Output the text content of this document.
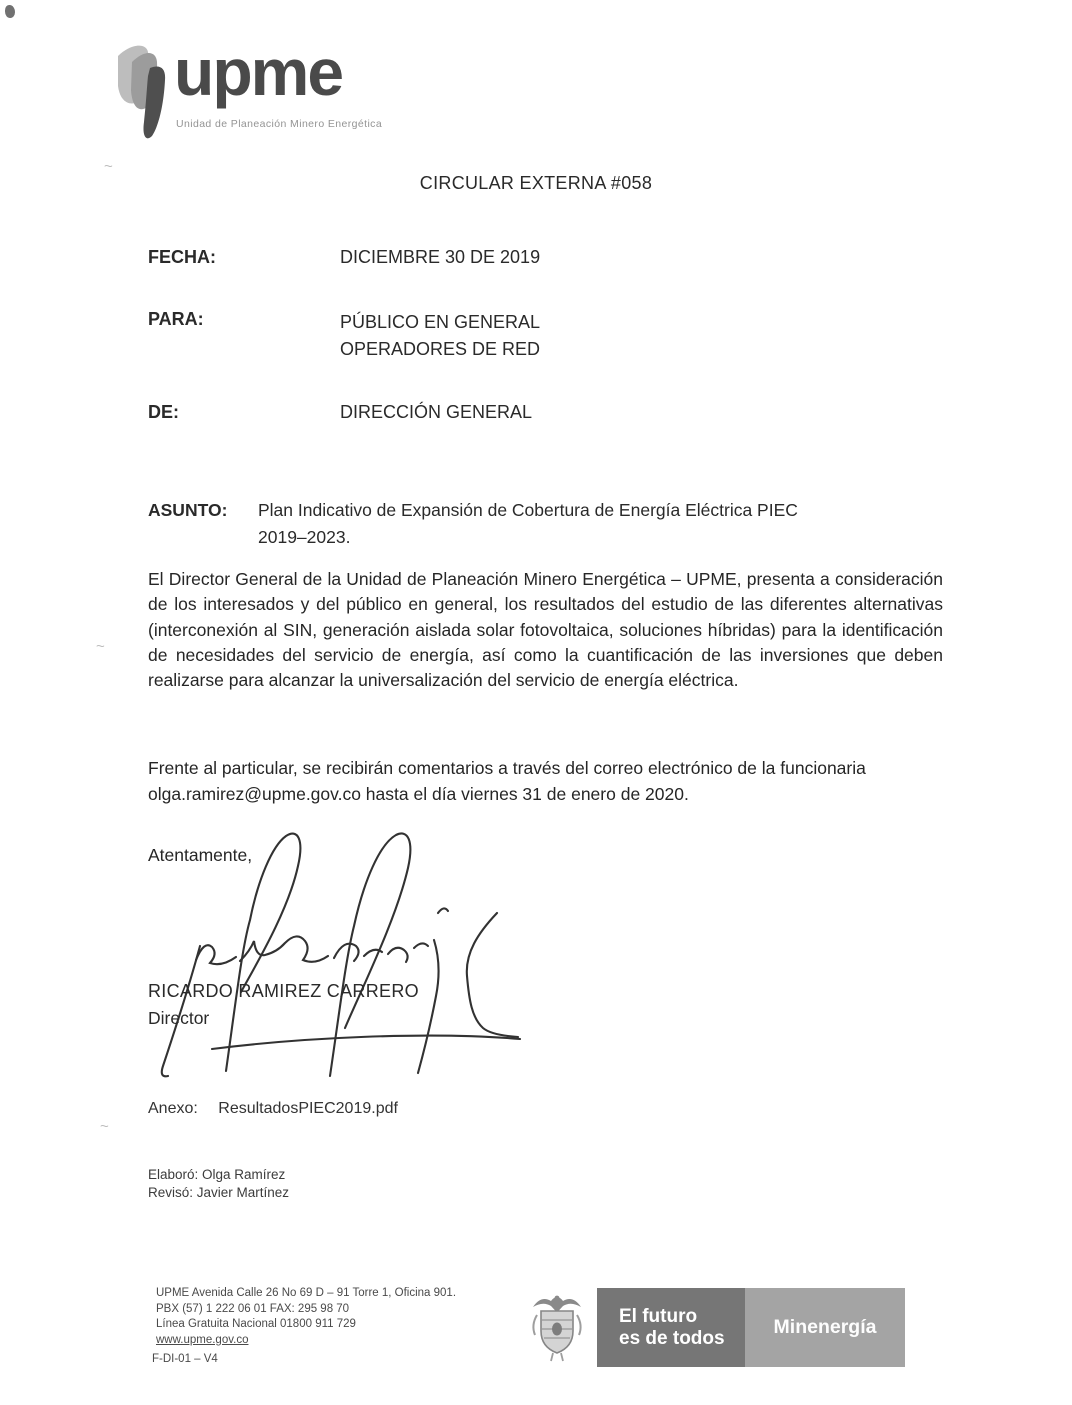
~
~
~
upme
Unidad de Planeación Minero Energética
CIRCULAR EXTERNA #058
FECHA:	DICIEMBRE 30 DE 2019
PARA:	PÚBLICO EN GENERAL
OPERADORES DE RED
DE:	DIRECCIÓN GENERAL
ASUNTO: Plan Indicativo de Expansión de Cobertura de Energía Eléctrica PIEC
2019–2023.
El Director General de la Unidad de Planeación Minero Energética – UPME, presenta a consideración de los interesados y del público en general, los resultados del estudio de las diferentes alternativas (interconexión al SIN, generación aislada solar fotovoltaica, soluciones híbridas) para la identificación de necesidades del servicio de energía, así como la cuantificación de las inversiones que deben realizarse para alcanzar la universalización del servicio de energía eléctrica.
Frente al particular, se recibirán comentarios a través del correo electrónico de la funcionaria olga.ramirez@upme.gov.co hasta el día viernes 31 de enero de 2020.
Atentamente,
RICARDO RAMIREZ CARRERO
Director
Anexo: ResultadosPIEC2019.pdf
Elaboró: Olga Ramírez
Revisó: Javier Martínez
UPME Avenida Calle 26 No 69 D – 91 Torre 1, Oficina 901.
PBX (57) 1 222 06 01 FAX: 295 98 70
Línea Gratuita Nacional 01800 911 729
www.upme.gov.co
F-DI-01 – V4
El futuro
es de todos	Minenergía
